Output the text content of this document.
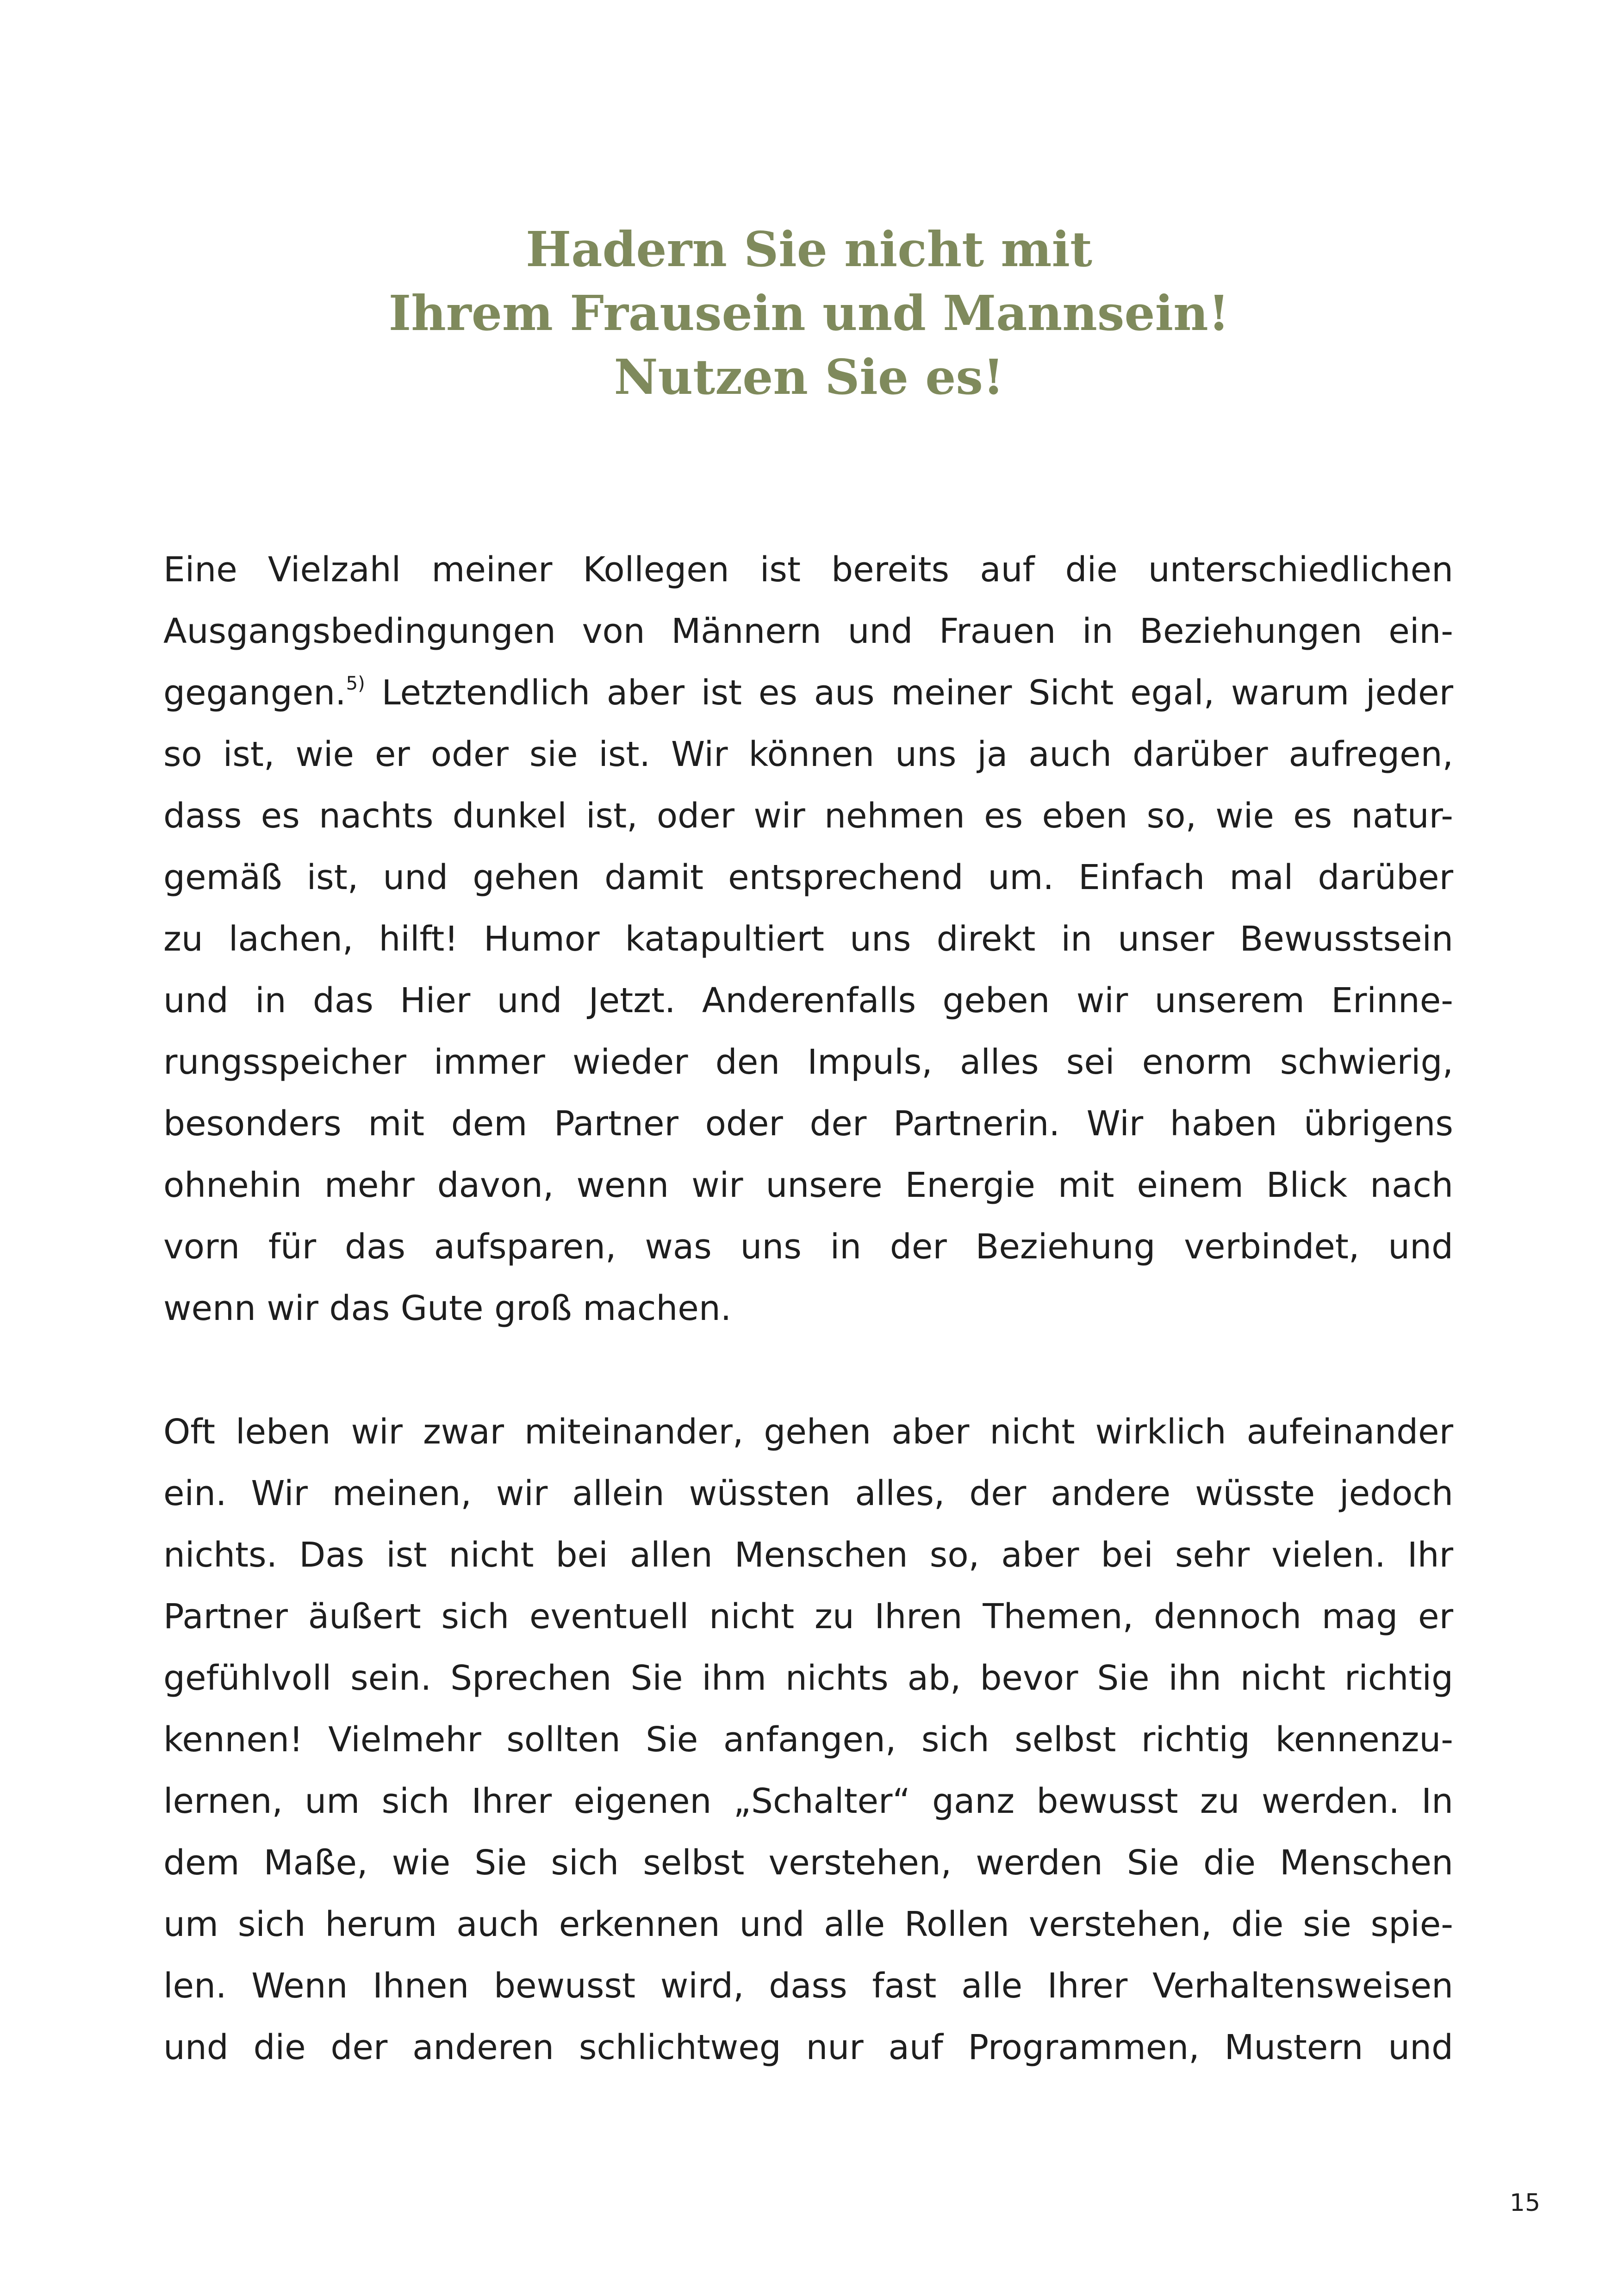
Hadern Sie nicht mit
Ihrem Frausein und Mannsein!
Nutzen Sie es!
Eine Vielzahl meiner Kollegen ist bereits auf die unterschiedlichen
Ausgangsbedingungen von Männern und Frauen in Beziehungen ein-
gegangen.$^{5)}$ Letztendlich aber ist es aus meiner Sicht egal, warum jeder
so ist, wie er oder sie ist. Wir können uns ja auch darüber aufregen,
dass es nachts dunkel ist, oder wir nehmen es eben so, wie es natur-
gemäß ist, und gehen damit entsprechend um. Einfach mal darüber
zu lachen, hilft! Humor katapultiert uns direkt in unser Bewusstsein
und in das Hier und Jetzt. Anderenfalls geben wir unserem Erinne-
rungsspeicher immer wieder den Impuls, alles sei enorm schwierig,
besonders mit dem Partner oder der Partnerin. Wir haben übrigens
ohnehin mehr davon, wenn wir unsere Energie mit einem Blick nach
vorn für das aufsparen, was uns in der Beziehung verbindet, und
wenn wir das Gute groß machen.
Oft leben wir zwar miteinander, gehen aber nicht wirklich aufeinander
ein. Wir meinen, wir allein wüssten alles, der andere wüsste jedoch
nichts. Das ist nicht bei allen Menschen so, aber bei sehr vielen. Ihr
Partner äußert sich eventuell nicht zu Ihren Themen, dennoch mag er
gefühlvoll sein. Sprechen Sie ihm nichts ab, bevor Sie ihn nicht richtig
kennen! Vielmehr sollten Sie anfangen, sich selbst richtig kennenzu-
lernen, um sich Ihrer eigenen „Schalter“ ganz bewusst zu werden. In
dem Maße, wie Sie sich selbst verstehen, werden Sie die Menschen
um sich herum auch erkennen und alle Rollen verstehen, die sie spie-
len. Wenn Ihnen bewusst wird, dass fast alle Ihrer Verhaltensweisen
und die der anderen schlichtweg nur auf Programmen, Mustern und
15
